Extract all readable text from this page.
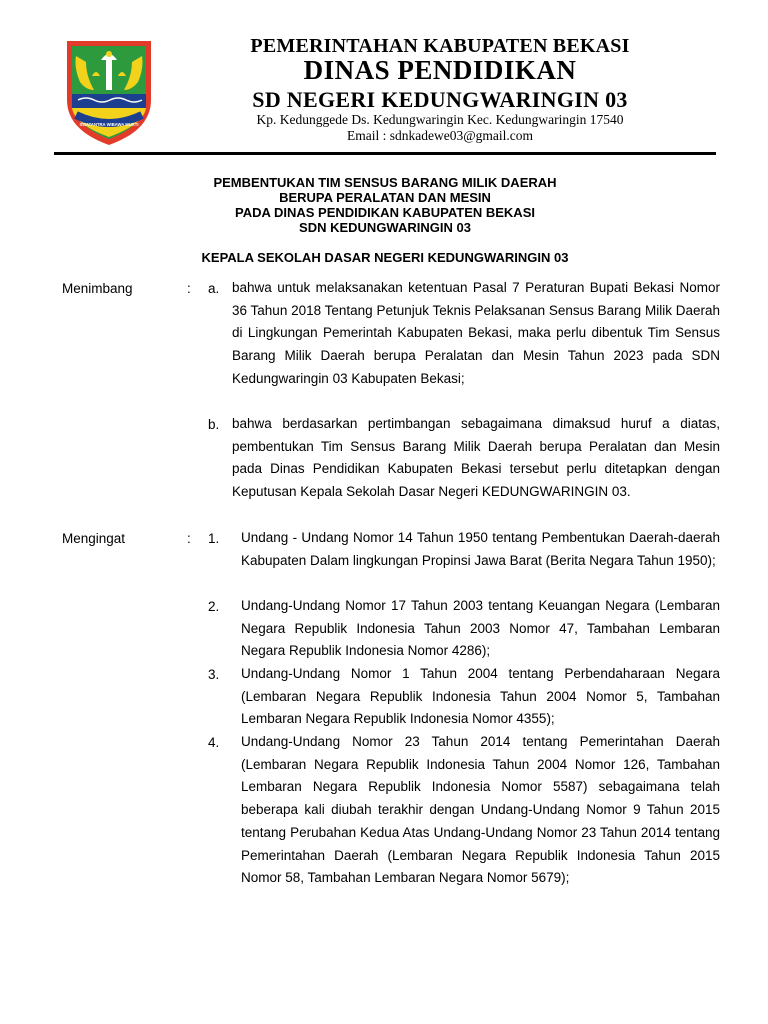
SWATANTRA WIBAWA MUKTI
PEMERINTAHAN KABUPATEN BEKASI
DINAS PENDIDIKAN
SD NEGERI KEDUNGWARINGIN 03
Kp. Kedunggede Ds. Kedungwaringin Kec. Kedungwaringin 17540
Email : sdnkadewe03@gmail.com
PEMBENTUKAN TIM SENSUS BARANG MILIK DAERAH
BERUPA PERALATAN DAN MESIN
PADA DINAS PENDIDIKAN KABUPATEN BEKASI
SDN KEDUNGWARINGIN 03
KEPALA SEKOLAH DASAR NEGERI KEDUNGWARINGIN 03
Menimbang	: a. bahwa untuk melaksanakan ketentuan Pasal 7 Peraturan Bupati Bekasi Nomor 36 Tahun 2018 Tentang Petunjuk Teknis Pelaksanan Sensus Barang Milik Daerah di Lingkungan Pemerintah Kabupaten Bekasi, maka perlu dibentuk Tim Sensus Barang Milik Daerah berupa Peralatan dan Mesin Tahun 2023 pada SDN Kedungwaringin 03 Kabupaten Bekasi;

b. bahwa berdasarkan pertimbangan sebagaimana dimaksud huruf a diatas, pembentukan Tim Sensus Barang Milik Daerah berupa Peralatan dan Mesin pada Dinas Pendidikan Kabupaten Bekasi tersebut perlu ditetapkan dengan Keputusan Kepala Sekolah Dasar Negeri KEDUNGWARINGIN 03.

Mengingat	: 1. Undang - Undang Nomor 14 Tahun 1950 tentang Pembentukan Daerah-daerah Kabupaten Dalam lingkungan Propinsi Jawa Barat (Berita Negara Tahun 1950);

2. Undang-Undang Nomor 17 Tahun 2003 tentang Keuangan Negara (Lembaran Negara Republik Indonesia Tahun 2003 Nomor 47, Tambahan Lembaran Negara Republik Indonesia Nomor 4286);

3. Undang-Undang Nomor 1 Tahun 2004 tentang Perbendaharaan Negara (Lembaran Negara Republik Indonesia Tahun 2004 Nomor 5, Tambahan Lembaran Negara Republik Indonesia Nomor 4355);

4. Undang-Undang Nomor 23 Tahun 2014 tentang Pemerintahan Daerah (Lembaran Negara Republik Indonesia Tahun 2004 Nomor 126, Tambahan Lembaran Negara Republik Indonesia Nomor 5587) sebagaimana telah beberapa kali diubah terakhir dengan Undang-Undang Nomor 9 Tahun 2015 tentang Perubahan Kedua Atas Undang-Undang Nomor 23 Tahun 2014 tentang Pemerintahan Daerah (Lembaran Negara Republik Indonesia Tahun 2015 Nomor 58, Tambahan Lembaran Negara Nomor 5679);
